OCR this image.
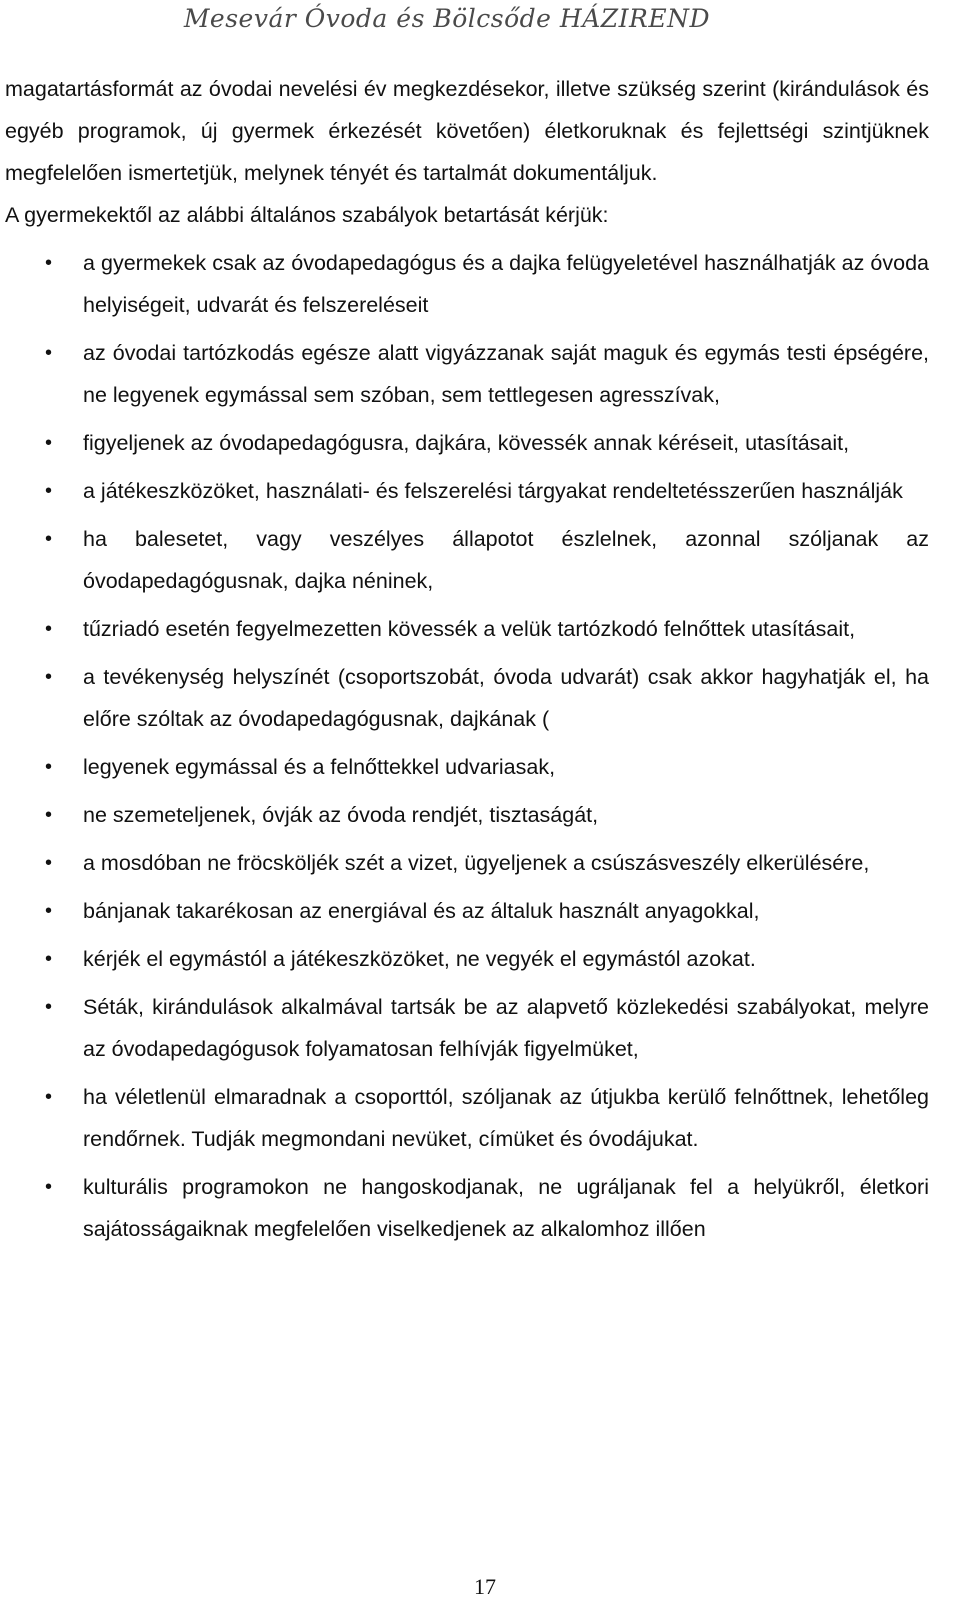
Mesevár Óvoda és Bölcsőde HÁZIREND

magatartásformát az óvodai nevelési év megkezdésekor, illetve szükség szerint (kirándulások és egyéb programok, új gyermek érkezését követően) életkoruknak és fejlettségi szintjüknek megfelelően ismertetjük, melynek tényét és tartalmát dokumentáljuk.

A gyermekektől az alábbi általános szabályok betartását kérjük:

• a gyermekek csak az óvodapedagógus és a dajka felügyeletével használhatják az óvoda helyiségeit, udvarát és felszereléseit
• az óvodai tartózkodás egésze alatt vigyázzanak saját maguk és egymás testi épségére, ne legyenek egymással sem szóban, sem tettlegesen agresszívak,
• figyeljenek az óvodapedagógusra, dajkára, kövessék annak kéréseit, utasításait,
• a játékeszközöket, használati- és felszerelési tárgyakat rendeltetésszerűen használják
• ha balesetet, vagy veszélyes állapotot észlelnek, azonnal szóljanak az óvodapedagógusnak, dajka néninek,
• tűzriadó esetén fegyelmezetten kövessék a velük tartózkodó felnőttek utasításait,
• a tevékenység helyszínét (csoportszobát, óvoda udvarát) csak akkor hagyhatják el, ha előre szóltak az óvodapedagógusnak, dajkának (
• legyenek egymással és a felnőttekkel udvariasak,
• ne szemeteljenek, óvják az óvoda rendjét, tisztaságát,
• a mosdóban ne fröcsköljék szét a vizet, ügyeljenek a csúszásveszély elkerülésére,
• bánjanak takarékosan az energiával és az általuk használt anyagokkal,
• kérjék el egymástól a játékeszközöket, ne vegyék el egymástól azokat.
• Séták, kirándulások alkalmával tartsák be az alapvető közlekedési szabályokat, melyre az óvodapedagógusok folyamatosan felhívják figyelmüket,
• ha véletlenül elmaradnak a csoporttól, szóljanak az útjukba kerülő felnőttnek, lehetőleg rendőrnek. Tudják megmondani nevüket, címüket és óvodájukat.
• kulturális programokon ne hangoskodjanak, ne ugráljanak fel a helyükről, életkori sajátosságaiknak megfelelően viselkedjenek az alkalomhoz illően
17
